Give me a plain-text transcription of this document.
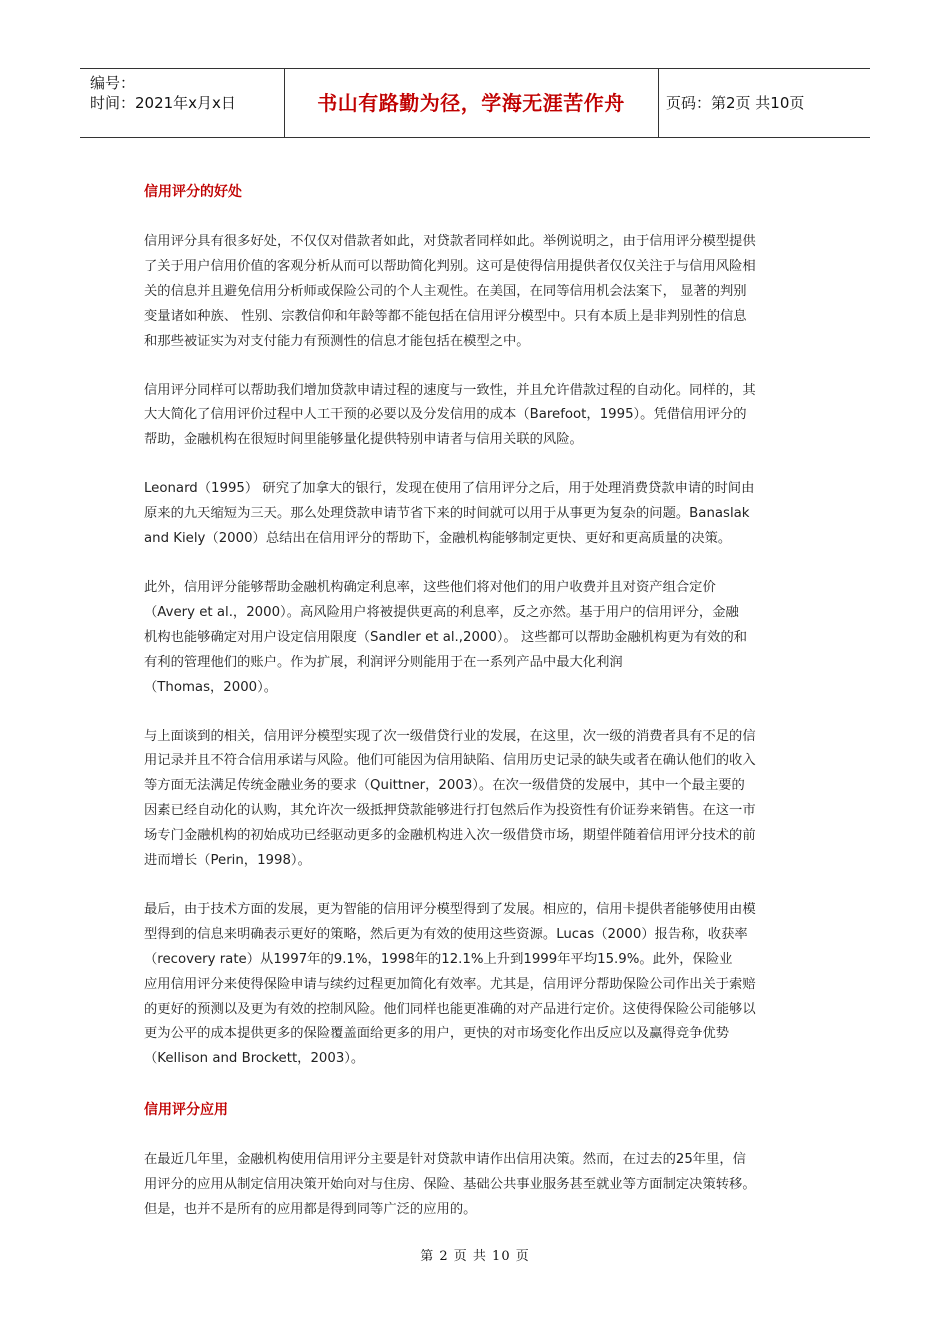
编号：
时间：2021年x月x日	书山有路勤为径，学海无涯苦作舟	页码：第2页 共10页
信用评分的好处

信用评分具有很多好处，不仅仅对借款者如此，对贷款者同样如此。举例说明之，由于信用评分模型提供
了关于用户信用价值的客观分析从而可以帮助简化判别。这可是使得信用提供者仅仅关注于与信用风险相
关的信息并且避免信用分析师或保险公司的个人主观性。在美国，在同等信用机会法案下， 显著的判别
变量诸如种族、 性别、宗教信仰和年龄等都不能包括在信用评分模型中。只有本质上是非判别性的信息
和那些被证实为对支付能力有预测性的信息才能包括在模型之中。

信用评分同样可以帮助我们增加贷款申请过程的速度与一致性，并且允许借款过程的自动化。同样的，其
大大简化了信用评价过程中人工干预的必要以及分发信用的成本（Barefoot，1995）。凭借信用评分的
帮助，金融机构在很短时间里能够量化提供特别申请者与信用关联的风险。

Leonard（1995） 研究了加拿大的银行，发现在使用了信用评分之后，用于处理消费贷款申请的时间由
原来的九天缩短为三天。那么处理贷款申请节省下来的时间就可以用于从事更为复杂的问题。Banaslak
and Kiely（2000）总结出在信用评分的帮助下，金融机构能够制定更快、更好和更高质量的决策。

此外，信用评分能够帮助金融机构确定利息率，这些他们将对他们的用户收费并且对资产组合定价
（Avery et al.，2000）。高风险用户将被提供更高的利息率，反之亦然。基于用户的信用评分，金融
机构也能够确定对用户设定信用限度（Sandler et al.,2000）。 这些都可以帮助金融机构更为有效的和
有利的管理他们的账户。作为扩展，利润评分则能用于在一系列产品中最大化利润
（Thomas，2000）。

与上面谈到的相关，信用评分模型实现了次一级借贷行业的发展，在这里，次一级的消费者具有不足的信
用记录并且不符合信用承诺与风险。他们可能因为信用缺陷、信用历史记录的缺失或者在确认他们的收入
等方面无法满足传统金融业务的要求（Quittner，2003）。在次一级借贷的发展中，其中一个最主要的
因素已经自动化的认购，其允许次一级抵押贷款能够进行打包然后作为投资性有价证券来销售。在这一市
场专门金融机构的初始成功已经驱动更多的金融机构进入次一级借贷市场，期望伴随着信用评分技术的前
进而增长（Perin，1998）。

最后，由于技术方面的发展，更为智能的信用评分模型得到了发展。相应的，信用卡提供者能够使用由模
型得到的信息来明确表示更好的策略，然后更为有效的使用这些资源。Lucas（2000）报告称，收获率
（recovery rate）从1997年的9.1%，1998年的12.1%上升到1999年平均15.9%。此外，保险业
应用信用评分来使得保险申请与续约过程更加简化有效率。尤其是，信用评分帮助保险公司作出关于索赔
的更好的预测以及更为有效的控制风险。他们同样也能更准确的对产品进行定价。这使得保险公司能够以
更为公平的成本提供更多的保险覆盖面给更多的用户，更快的对市场变化作出反应以及赢得竞争优势
（Kellison and Brockett，2003）。

信用评分应用

在最近几年里，金融机构使用信用评分主要是针对贷款申请作出信用决策。然而，在过去的25年里，信
用评分的应用从制定信用决策开始向对与住房、保险、基础公共事业服务甚至就业等方面制定决策转移。
但是，也并不是所有的应用都是得到同等广泛的应用的。

第 2 页 共 10 页
